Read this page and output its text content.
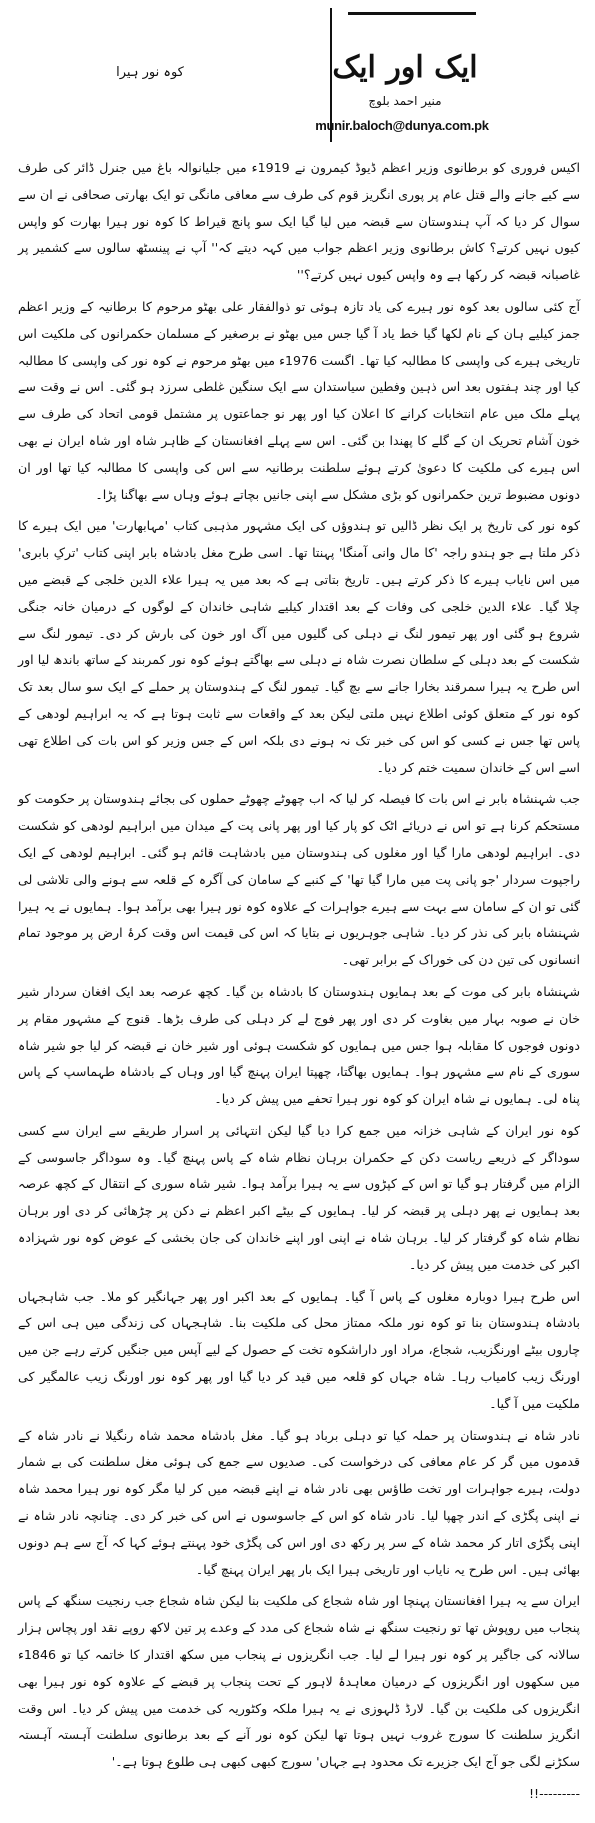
ایک اور ایک
منیر احمد بلوچ
munir.baloch@dunya.com.pk
کوہ نور ہیرا

اکیس فروری کو برطانوی وزیر اعظم ڈیوڈ کیمرون نے 1919ء میں جلیانوالہ باغ میں جنرل ڈائر کی طرف سے کیے جانے والے قتل عام پر پوری انگریز قوم کی طرف سے معافی مانگی تو ایک بھارتی صحافی نے ان سے سوال کر دیا کہ آپ ہندوستان سے قبضہ میں لیا گیا ایک سو پانچ قیراط کا کوہ نور ہیرا بھارت کو واپس کیوں نہیں کرتے؟ کاش برطانوی وزیر اعظم جواب میں کہہ دیتے کہ'' آپ نے پینسٹھ سالوں سے کشمیر پر غاصبانہ قبضہ کر رکھا ہے وہ واپس کیوں نہیں کرتے؟''

آج کئی سالوں بعد کوہ نور ہیرے کی یاد تازہ ہوئی تو ذوالفقار علی بھٹو مرحوم کا برطانیہ کے وزیر اعظم جمز کیلیے ہان کے نام لکھا گیا خط یاد آ گیا جس میں بھٹو نے برصغیر کے مسلمان حکمرانوں کی ملکیت اس تاریخی ہیرے کی واپسی کا مطالبہ کیا تھا۔ اگست 1976ء میں بھٹو مرحوم نے کوہ نور کی واپسی کا مطالبہ کیا اور چند ہفتوں بعد اس ذہین وفطین سیاستدان سے ایک سنگین غلطی سرزد ہو گئی۔ اس نے وقت سے پہلے ملک میں عام انتخابات کرانے کا اعلان کیا اور پھر نو جماعتوں پر مشتمل قومی اتحاد کی طرف سے خون آشام تحریک ان کے گلے کا پھندا بن گئی۔ اس سے پہلے افغانستان کے ظاہر شاہ اور شاہ ایران نے بھی اس ہیرے کی ملکیت کا دعویٰ کرتے ہوئے سلطنت برطانیہ سے اس کی واپسی کا مطالبہ کیا تھا اور ان دونوں مضبوط ترین حکمرانوں کو بڑی مشکل سے اپنی جانیں بچاتے ہوئے وہاں سے بھاگنا پڑا۔

کوہ نور کی تاریخ پر ایک نظر ڈالیں تو ہندوؤں کی ایک مشہور مذہبی کتاب 'مہابھارت' میں ایک ہیرے کا ذکر ملتا ہے جو ہندو راجہ 'کا مال وانی آمنگا' پہنتا تھا۔ اسی طرح مغل بادشاہ بابر اپنی کتاب 'ترکِ بابری' میں اس نایاب ہیرے کا ذکر کرتے ہیں۔ تاریخ بتاتی ہے کہ بعد میں یہ ہیرا علاء الدین خلجی کے قبضے میں چلا گیا۔ علاء الدین خلجی کی وفات کے بعد اقتدار کیلیے شاہی خاندان کے لوگوں کے درمیان خانہ جنگی شروع ہو گئی اور پھر تیمور لنگ نے دہلی کی گلیوں میں آگ اور خون کی بارش کر دی۔ تیمور لنگ سے شکست کے بعد دہلی کے سلطان نصرت شاہ نے دہلی سے بھاگتے ہوئے کوہ نور کمربند کے ساتھ باندھ لیا اور اس طرح یہ ہیرا سمرقند بخارا جانے سے بچ گیا۔ تیمور لنگ کے ہندوستان پر حملے کے ایک سو سال بعد تک کوہ نور کے متعلق کوئی اطلاع نہیں ملتی لیکن بعد کے واقعات سے ثابت ہوتا ہے کہ یہ ابراہیم لودھی کے پاس تھا جس نے کسی کو اس کی خبر تک نہ ہونے دی بلکہ اس کے جس وزیر کو اس بات کی اطلاع تھی اسے اس کے خاندان سمیت ختم کر دیا۔

جب شہنشاہ بابر نے اس بات کا فیصلہ کر لیا کہ اب چھوٹے چھوٹے حملوں کی بجائے ہندوستان پر حکومت کو مستحکم کرنا ہے تو اس نے دریائے اٹک کو پار کیا اور پھر پانی پت کے میدان میں ابراہیم لودھی کو شکست دی۔ ابراہیم لودھی مارا گیا اور مغلوں کی ہندوستان میں بادشاہت قائم ہو گئی۔ ابراہیم لودھی کے ایک راجپوت سردار 'جو پانی پت میں مارا گیا تھا' کے کنبے کے سامان کی آگرہ کے قلعہ سے ہونے والی تلاشی لی گئی تو ان کے سامان سے بہت سے ہیرے جواہرات کے علاوہ کوہ نور ہیرا بھی برآمد ہوا۔ ہمایوں نے یہ ہیرا شہنشاہ بابر کی نذر کر دیا۔ شاہی جوہریوں نے بتایا کہ اس کی قیمت اس وقت کرۂ ارض پر موجود تمام انسانوں کی تین دن کی خوراک کے برابر تھی۔

شہنشاہ بابر کی موت کے بعد ہمایوں ہندوستان کا بادشاہ بن گیا۔ کچھ عرصہ بعد ایک افغان سردار شیر خان نے صوبہ بہار میں بغاوت کر دی اور پھر فوج لے کر دہلی کی طرف بڑھا۔ قنوج کے مشہور مقام پر دونوں فوجوں کا مقابلہ ہوا جس میں ہمایوں کو شکست ہوئی اور شیر خان نے قبضہ کر لیا جو شیر شاہ سوری کے نام سے مشہور ہوا۔ ہمایوں بھاگتا، چھپتا ایران پہنچ گیا اور وہاں کے بادشاہ طہماسپ کے پاس پناہ لی۔ ہمایوں نے شاہ ایران کو کوہ نور ہیرا تحفے میں پیش کر دیا۔

کوہ نور ایران کے شاہی خزانہ میں جمع کرا دیا گیا لیکن انتہائی پر اسرار طریقے سے ایران سے کسی سوداگر کے ذریعے ریاست دکن کے حکمران برہان نظام شاہ کے پاس پہنچ گیا۔ وہ سوداگر جاسوسی کے الزام میں گرفتار ہو گیا تو اس کے کپڑوں سے یہ ہیرا برآمد ہوا۔ شیر شاہ سوری کے انتقال کے کچھ عرصہ بعد ہمایوں نے پھر دہلی پر قبضہ کر لیا۔ ہمایوں کے بیٹے اکبر اعظم نے دکن پر چڑھائی کر دی اور برہان نظام شاہ کو گرفتار کر لیا۔ برہان شاہ نے اپنی اور اپنے خاندان کی جان بخشی کے عوض کوہ نور شہزادہ اکبر کی خدمت میں پیش کر دیا۔

اس طرح ہیرا دوبارہ مغلوں کے پاس آ گیا۔ ہمایوں کے بعد اکبر اور پھر جہانگیر کو ملا۔ جب شاہجہاں بادشاہ ہندوستان بنا تو کوہ نور ملکہ ممتاز محل کی ملکیت بنا۔ شاہجہاں کی زندگی میں ہی اس کے چاروں بیٹے اورنگزیب، شجاع، مراد اور داراشکوہ تخت کے حصول کے لیے آپس میں جنگیں کرتے رہے جن میں اورنگ زیب کامیاب رہا۔ شاہ جہاں کو قلعہ میں قید کر دیا گیا اور پھر کوہ نور اورنگ زیب عالمگیر کی ملکیت میں آ گیا۔

نادر شاہ نے ہندوستان پر حملہ کیا تو دہلی برباد ہو گیا۔ مغل بادشاہ محمد شاہ رنگیلا نے نادر شاہ کے قدموں میں گر کر عام معافی کی درخواست کی۔ صدیوں سے جمع کی ہوئی مغل سلطنت کی بے شمار دولت، ہیرے جواہرات اور تخت طاؤس بھی نادر شاہ نے اپنے قبضہ میں کر لیا مگر کوہ نور ہیرا محمد شاہ نے اپنی پگڑی کے اندر چھپا لیا۔ نادر شاہ کو اس کے جاسوسوں نے اس کی خبر کر دی۔ چنانچہ نادر شاہ نے اپنی پگڑی اتار کر محمد شاہ کے سر پر رکھ دی اور اس کی پگڑی خود پہنتے ہوئے کہا کہ آج سے ہم دونوں بھائی ہیں۔ اس طرح یہ نایاب اور تاریخی ہیرا ایک بار پھر ایران پہنچ گیا۔

ایران سے یہ ہیرا افغانستان پہنچا اور شاہ شجاع کی ملکیت بنا لیکن شاہ شجاع جب رنجیت سنگھ کے پاس پنجاب میں روپوش تھا تو رنجیت سنگھ نے شاہ شجاع کی مدد کے وعدے پر تین لاکھ روپے نقد اور پچاس ہزار سالانہ کی جاگیر پر کوہ نور ہیرا لے لیا۔ جب انگریزوں نے پنجاب میں سکھ اقتدار کا خاتمہ کیا تو 1846ء میں سکھوں اور انگریزوں کے درمیان معاہدۂ لاہور کے تحت پنجاب پر قبضے کے علاوہ کوہ نور ہیرا بھی انگریزوں کی ملکیت بن گیا۔ لارڈ ڈلہوزی نے یہ ہیرا ملکہ وکٹوریہ کی خدمت میں پیش کر دیا۔ اس وقت انگریز سلطنت کا سورج غروب نہیں ہوتا تھا لیکن کوہ نور آنے کے بعد برطانوی سلطنت آہستہ آہستہ سکڑنے لگی جو آج ایک جزیرے تک محدود ہے جہاں' سورج کبھی کبھی ہی طلوع ہوتا ہے۔'

---------!!
